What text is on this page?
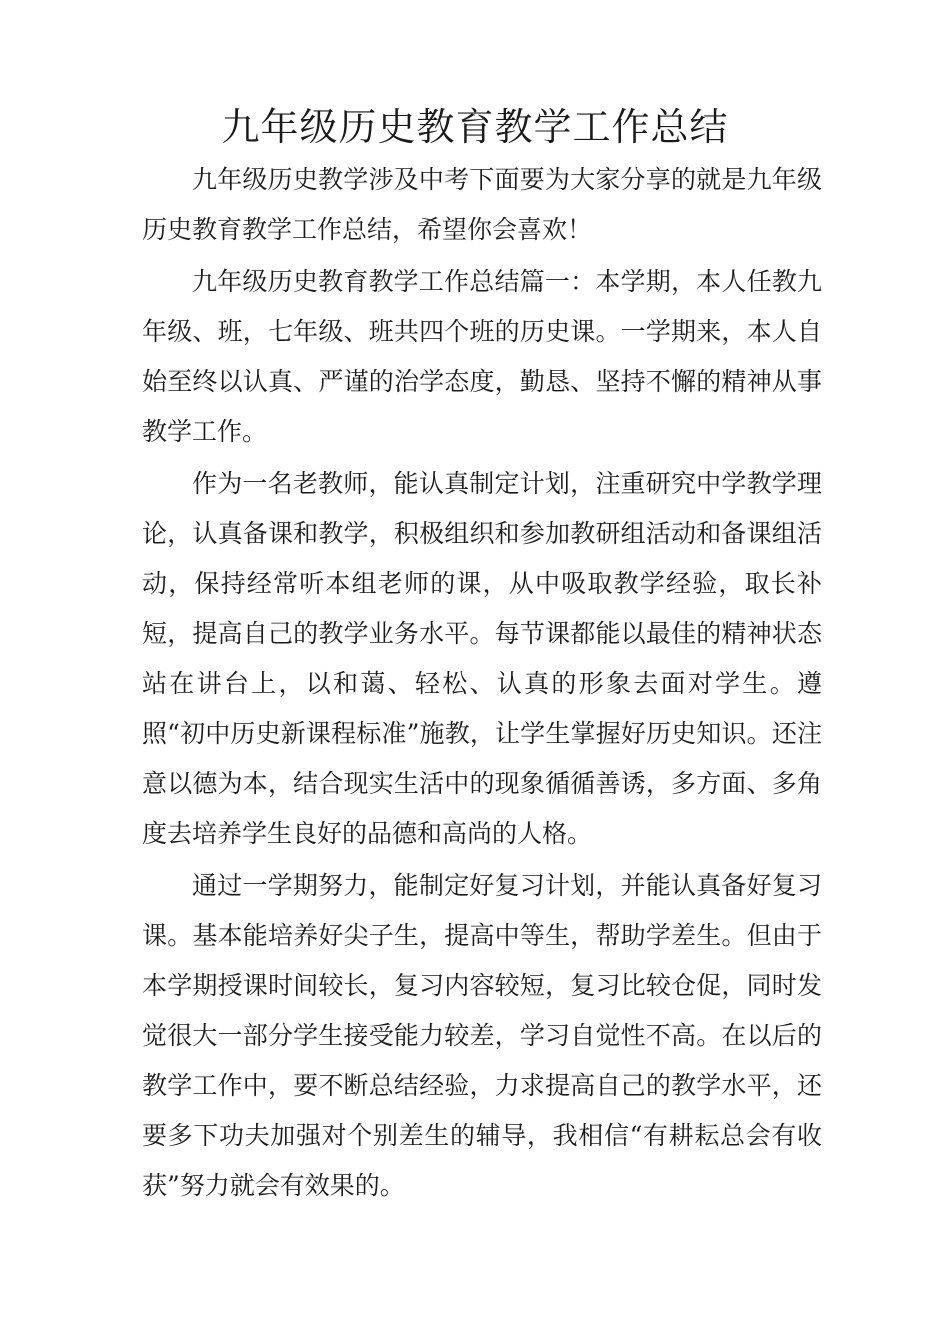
九年级历史教育教学工作总结

九年级历史教学涉及中考下面要为大家分享的就是九年级历史教育教学工作总结，希望你会喜欢！

九年级历史教育教学工作总结篇一：本学期，本人任教九年级、班，七年级、班共四个班的历史课。一学期来，本人自始至终以认真、严谨的治学态度，勤恳、坚持不懈的精神从事教学工作。

作为一名老教师，能认真制定计划，注重研究中学教学理论，认真备课和教学，积极组织和参加教研组活动和备课组活动，保持经常听本组老师的课，从中吸取教学经验，取长补短，提高自己的教学业务水平。每节课都能以最佳的精神状态站在讲台上，以和蔼、轻松、认真的形象去面对学生。遵照“初中历史新课程标准”施教，让学生掌握好历史知识。还注意以德为本，结合现实生活中的现象循循善诱，多方面、多角度去培养学生良好的品德和高尚的人格。

通过一学期努力，能制定好复习计划，并能认真备好复习课。基本能培养好尖子生，提高中等生，帮助学差生。但由于本学期授课时间较长，复习内容较短，复习比较仓促，同时发觉很大一部分学生接受能力较差，学习自觉性不高。在以后的教学工作中，要不断总结经验，力求提高自己的教学水平，还要多下功夫加强对个别差生的辅导，我相信“有耕耘总会有收获”努力就会有效果的。
